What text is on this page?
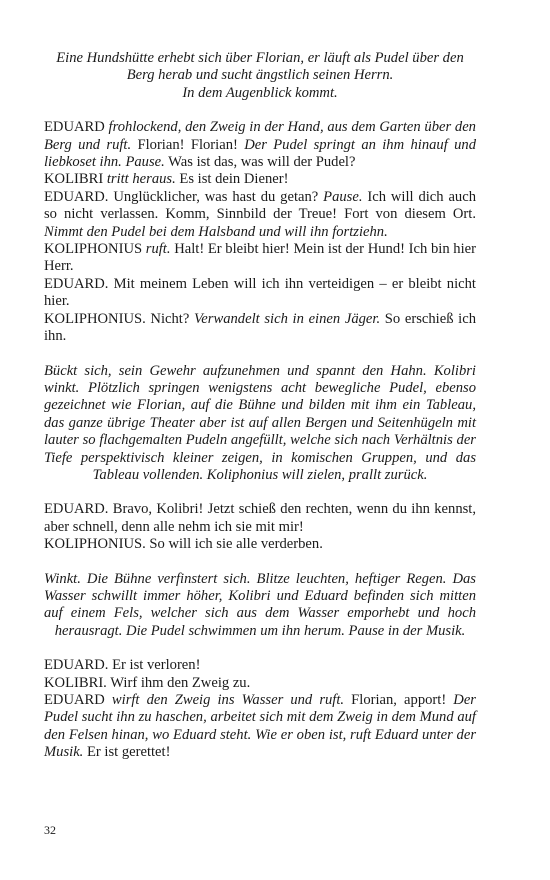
Eine Hundshütte erhebt sich über Florian, er läuft als Pudel über den
Berg herab und sucht ängstlich seinen Herrn.
In dem Augenblick kommt.
EDUARD frohlockend, den Zweig in der Hand, aus dem Garten über den Berg und ruft. Florian! Florian! Der Pudel springt an ihm hinauf und liebkoset ihn. Pause. Was ist das, was will der Pudel?
KOLIBRI tritt heraus. Es ist dein Diener!
EDUARD. Unglücklicher, was hast du getan? Pause. Ich will dich auch so nicht verlassen. Komm, Sinnbild der Treue! Fort von diesem Ort. Nimmt den Pudel bei dem Halsband und will ihn fortziehn.
KOLIPHONIUS ruft. Halt! Er bleibt hier! Mein ist der Hund! Ich bin hier Herr.
EDUARD. Mit meinem Leben will ich ihn verteidigen – er bleibt nicht hier.
KOLIPHONIUS. Nicht? Verwandelt sich in einen Jäger. So erschieß ich ihn.
Bückt sich, sein Gewehr aufzunehmen und spannt den Hahn. Kolibri winkt. Plötzlich springen wenigstens acht bewegliche Pudel, ebenso gezeichnet wie Florian, auf die Bühne und bilden mit ihm ein Tableau, das ganze übrige Theater aber ist auf allen Bergen und Seitenhügeln mit lauter so flachgemalten Pudeln angefüllt, welche sich nach Verhältnis der Tiefe perspektivisch kleiner zeigen, in komischen Gruppen, und das Tableau vollenden. Koliphonius will zielen, prallt zurück.
EDUARD. Bravo, Kolibri! Jetzt schieß den rechten, wenn du ihn kennst, aber schnell, denn alle nehm ich sie mit mir!
KOLIPHONIUS. So will ich sie alle verderben.
Winkt. Die Bühne verfinstert sich. Blitze leuchten, heftiger Regen. Das Wasser schwillt immer höher, Kolibri und Eduard befinden sich mitten auf einem Fels, welcher sich aus dem Wasser emporhebt und hoch herausragt. Die Pudel schwimmen um ihn herum. Pause in der Musik.
EDUARD. Er ist verloren!
KOLIBRI. Wirf ihm den Zweig zu.
EDUARD wirft den Zweig ins Wasser und ruft. Florian, apport! Der Pudel sucht ihn zu haschen, arbeitet sich mit dem Zweig in dem Mund auf den Felsen hinan, wo Eduard steht. Wie er oben ist, ruft Eduard unter der Musik. Er ist gerettet!
32
